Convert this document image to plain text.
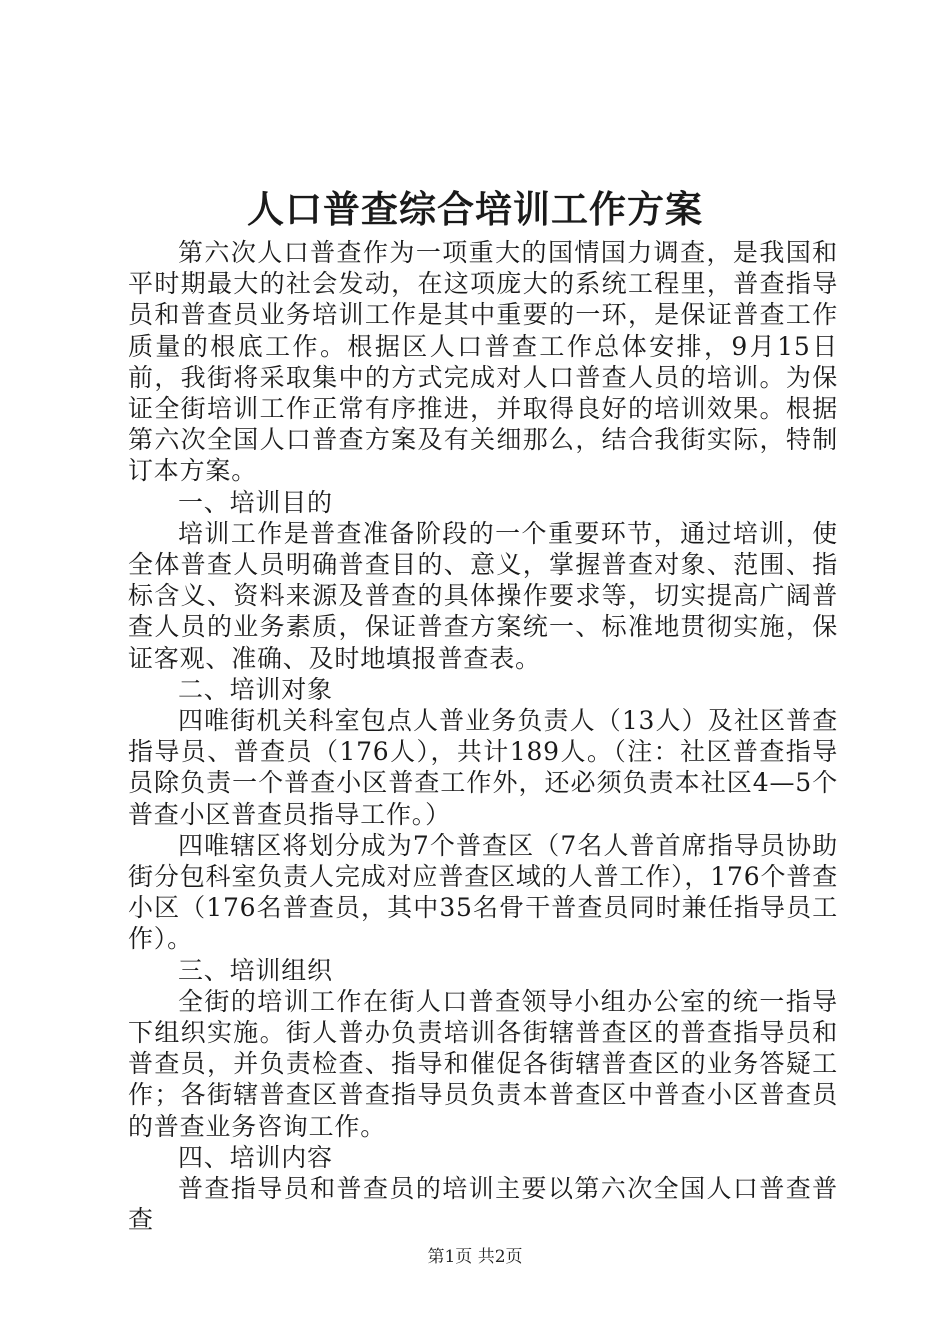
人口普查综合培训工作方案

第六次人口普查作为一项重大的国情国力调查，是我国和平时期最大的社会发动，在这项庞大的系统工程里，普查指导员和普查员业务培训工作是其中重要的一环，是保证普查工作质量的根底工作。根据区人口普查工作总体安排，9月15日前，我街将采取集中的方式完成对人口普查人员的培训。为保证全街培训工作正常有序推进，并取得良好的培训效果。根据第六次全国人口普查方案及有关细那么，结合我街实际，特制订本方案。

一、培训目的

培训工作是普查准备阶段的一个重要环节，通过培训，使全体普查人员明确普查目的、意义，掌握普查对象、范围、指标含义、资料来源及普查的具体操作要求等，切实提高广阔普查人员的业务素质，保证普查方案统一、标准地贯彻实施，保证客观、准确、及时地填报普查表。

二、培训对象

四唯街机关科室包点人普业务负责人（13人）及社区普查指导员、普查员（176人），共计189人。（注：社区普查指导员除负责一个普查小区普查工作外，还必须负责本社区4—5个普查小区普查员指导工作。）

四唯辖区将划分成为7个普查区（7名人普首席指导员协助街分包科室负责人完成对应普查区域的人普工作），176个普查小区（176名普查员，其中35名骨干普查员同时兼任指导员工作）。

三、培训组织

全街的培训工作在街人口普查领导小组办公室的统一指导下组织实施。街人普办负责培训各街辖普查区的普查指导员和普查员，并负责检查、指导和催促各街辖普查区的业务答疑工作；各街辖普查区普查指导员负责本普查区中普查小区普查员的普查业务咨询工作。

四、培训内容

普查指导员和普查员的培训主要以第六次全国人口普查普查

第1页 共2页
